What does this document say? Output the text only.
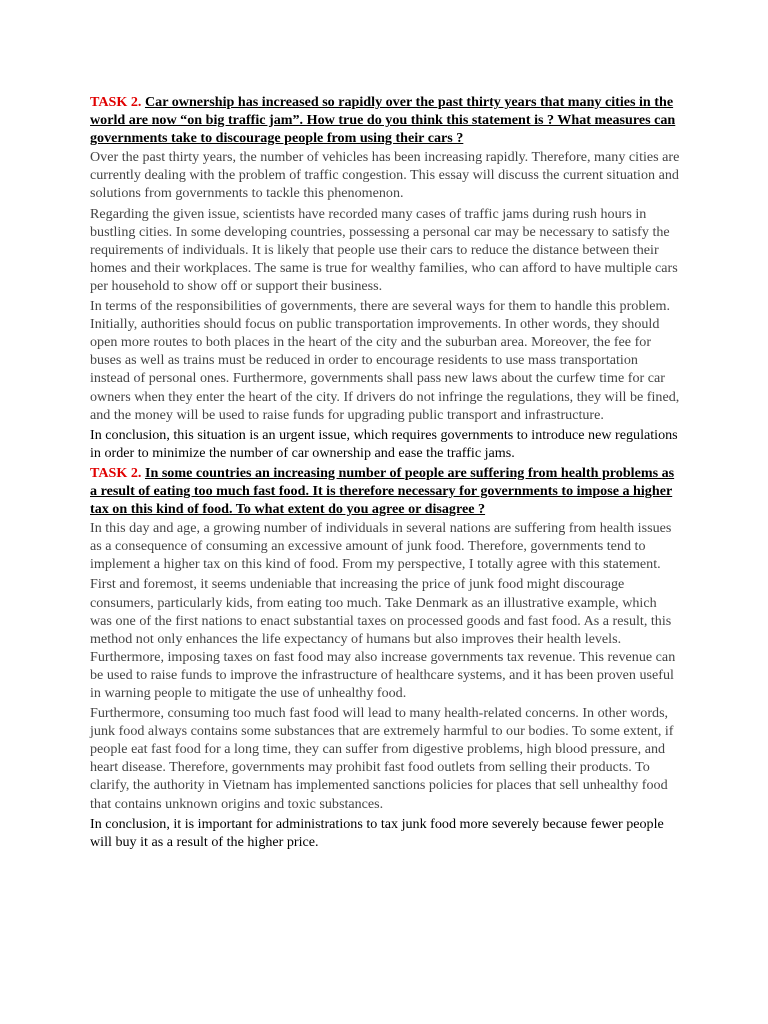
TASK 2. Car ownership has increased so rapidly over the past thirty years that many cities in the world are now “on big traffic jam”. How true do you think this statement is ? What measures can governments take to discourage people from using their cars ?

Over the past thirty years, the number of vehicles has been increasing rapidly. Therefore, many cities are currently dealing with the problem of traffic congestion. This essay will discuss the current situation and solutions from governments to tackle this phenomenon.

Regarding the given issue, scientists have recorded many cases of traffic jams during rush hours in bustling cities. In some developing countries, possessing a personal car may be necessary to satisfy the requirements of individuals. It is likely that people use their cars to reduce the distance between their homes and their workplaces. The same is true for wealthy families, who can afford to have multiple cars per household to show off or support their business.

In terms of the responsibilities of governments, there are several ways for them to handle this problem. Initially, authorities should focus on public transportation improvements. In other words, they should open more routes to both places in the heart of the city and the suburban area. Moreover, the fee for buses as well as trains must be reduced in order to encourage residents to use mass transportation instead of personal ones. Furthermore, governments shall pass new laws about the curfew time for car owners when they enter the heart of the city. If drivers do not infringe the regulations, they will be fined, and the money will be used to raise funds for upgrading public transport and infrastructure.

In conclusion, this situation is an urgent issue, which requires governments to introduce new regulations in order to minimize the number of car ownership and ease the traffic jams.

TASK 2. In some countries an increasing number of people are suffering from health problems as a result of eating too much fast food. It is therefore necessary for governments to impose a higher tax on this kind of food. To what extent do you agree or disagree ?

In this day and age, a growing number of individuals in several nations are suffering from health issues as a consequence of consuming an excessive amount of junk food. Therefore, governments tend to implement a higher tax on this kind of food. From my perspective, I totally agree with this statement.

First and foremost, it seems undeniable that increasing the price of junk food might discourage consumers, particularly kids, from eating too much. Take Denmark as an illustrative example, which was one of the first nations to enact substantial taxes on processed goods and fast food. As a result, this method not only enhances the life expectancy of humans but also improves their health levels. Furthermore, imposing taxes on fast food may also increase governments tax revenue. This revenue can be used to raise funds to improve the infrastructure of healthcare systems, and it has been proven useful in warning people to mitigate the use of unhealthy food.

Furthermore, consuming too much fast food will lead to many health-related concerns. In other words, junk food always contains some substances that are extremely harmful to our bodies. To some extent, if people eat fast food for a long time, they can suffer from digestive problems, high blood pressure, and heart disease. Therefore, governments may prohibit fast food outlets from selling their products. To clarify, the authority in Vietnam has implemented sanctions policies for places that sell unhealthy food that contains unknown origins and toxic substances.

In conclusion, it is important for administrations to tax junk food more severely because fewer people will buy it as a result of the higher price.
